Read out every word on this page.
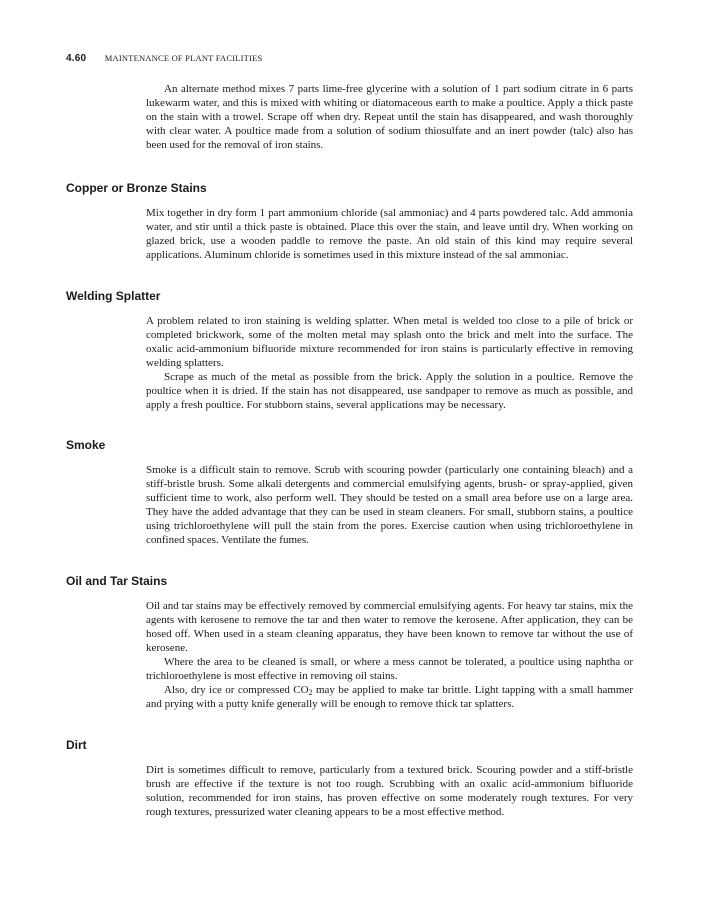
4.60 MAINTENANCE OF PLANT FACILITIES

An alternate method mixes 7 parts lime-free glycerine with a solution of 1 part sodium citrate in 6 parts lukewarm water, and this is mixed with whiting or diatomaceous earth to make a poultice. Apply a thick paste on the stain with a trowel. Scrape off when dry. Repeat until the stain has disappeared, and wash thoroughly with clear water. A poultice made from a solution of sodium thiosulfate and an inert powder (talc) also has been used for the removal of iron stains.

Copper or Bronze Stains

Mix together in dry form 1 part ammonium chloride (sal ammoniac) and 4 parts powdered talc. Add ammonia water, and stir until a thick paste is obtained. Place this over the stain, and leave until dry. When working on glazed brick, use a wooden paddle to remove the paste. An old stain of this kind may require several applications. Aluminum chloride is sometimes used in this mixture instead of the sal ammoniac.

Welding Splatter

A problem related to iron staining is welding splatter. When metal is welded too close to a pile of brick or completed brickwork, some of the molten metal may splash onto the brick and melt into the surface. The oxalic acid-ammonium bifluoride mixture recommended for iron stains is particularly effective in removing welding splatters.

Scrape as much of the metal as possible from the brick. Apply the solution in a poultice. Remove the poultice when it is dried. If the stain has not disappeared, use sandpaper to remove as much as possible, and apply a fresh poultice. For stubborn stains, several applications may be necessary.

Smoke

Smoke is a difficult stain to remove. Scrub with scouring powder (particularly one containing bleach) and a stiff-bristle brush. Some alkali detergents and commercial emulsifying agents, brush- or spray-applied, given sufficient time to work, also perform well. They should be tested on a small area before use on a large area. They have the added advantage that they can be used in steam cleaners. For small, stubborn stains, a poultice using trichloroethylene will pull the stain from the pores. Exercise caution when using trichloroethylene in confined spaces. Ventilate the fumes.

Oil and Tar Stains

Oil and tar stains may be effectively removed by commercial emulsifying agents. For heavy tar stains, mix the agents with kerosene to remove the tar and then water to remove the kerosene. After application, they can be hosed off. When used in a steam cleaning apparatus, they have been known to remove tar without the use of kerosene.

Where the area to be cleaned is small, or where a mess cannot be tolerated, a poultice using naphtha or trichloroethylene is most effective in removing oil stains.

Also, dry ice or compressed $CO_2$ may be applied to make tar brittle. Light tapping with a small hammer and prying with a putty knife generally will be enough to remove thick tar splatters.

Dirt

Dirt is sometimes difficult to remove, particularly from a textured brick. Scouring powder and a stiff-bristle brush are effective if the texture is not too rough. Scrubbing with an oxalic acid-ammonium bifluoride solution, recommended for iron stains, has proven effective on some moderately rough textures. For very rough textures, pressurized water cleaning appears to be a most effective method.
